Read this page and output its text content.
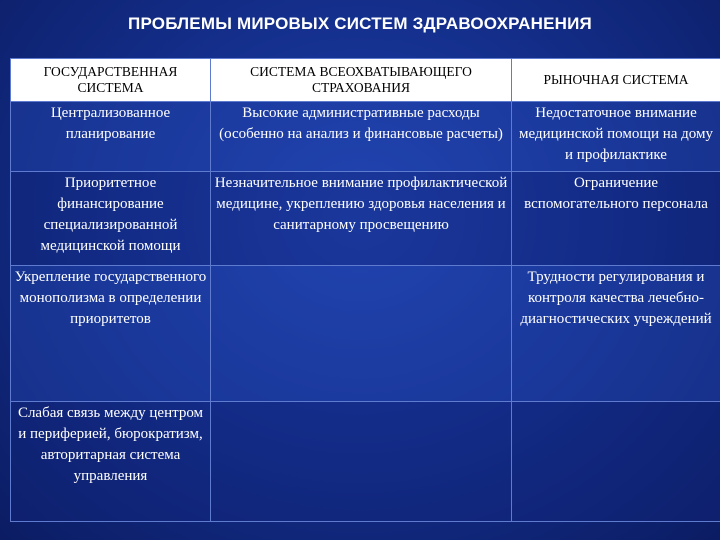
ПРОБЛЕМЫ МИРОВЫХ СИСТЕМ ЗДРАВООХРАНЕНИЯ
ГОСУДАРСТВЕННАЯ СИСТЕМА	СИСТЕМА ВСЕОХВАТЫВАЮЩЕГО СТРАХОВАНИЯ	РЫНОЧНАЯ СИСТЕМА

Централизованное планирование	Высокие административные расходы (особенно на анализ и финансовые расчеты)	Недостаточное внимание медицинской помощи на дому и профилактике

Приоритетное финансирование специализированной медицинской помощи	Незначительное внимание профилактической медицине, укреплению здоровья населения и санитарному просвещению	Ограничение вспомогательного персонала

Укрепление государственного монополизма в определении приоритетов		Трудности регулирования и контроля качества лечебно-диагностических учреждений

Слабая связь между центром и периферией, бюрократизм, авторитарная система управления		
